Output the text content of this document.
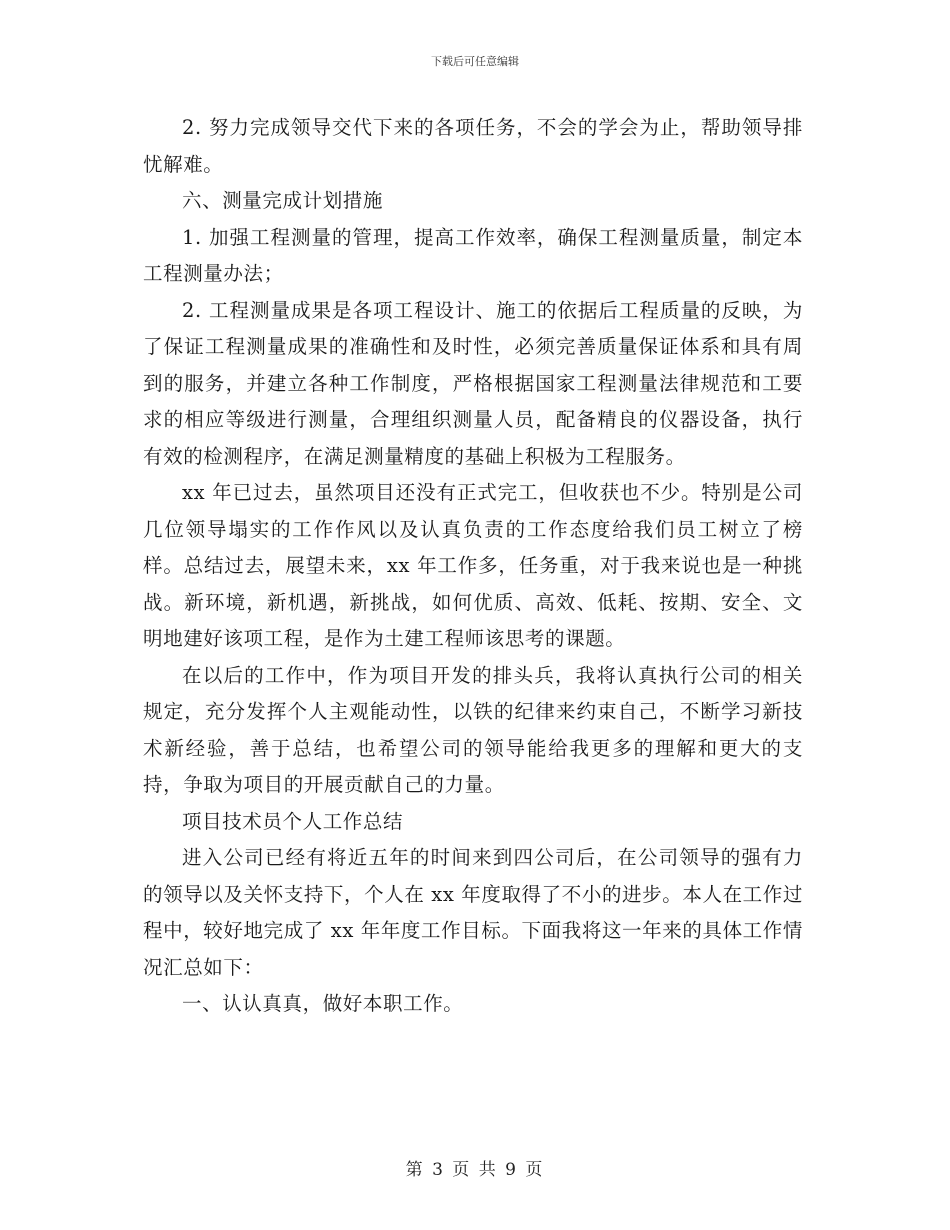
下载后可任意编辑

2. 努力完成领导交代下来的各项任务，不会的学会为止，帮助领导排忧解难。

六、测量完成计划措施

1. 加强工程测量的管理，提高工作效率，确保工程测量质量，制定本工程测量办法；

2. 工程测量成果是各项工程设计、施工的依据后工程质量的反映，为了保证工程测量成果的准确性和及时性，必须完善质量保证体系和具有周到的服务，并建立各种工作制度，严格根据国家工程测量法律规范和工要求的相应等级进行测量，合理组织测量人员，配备精良的仪器设备，执行有效的检测程序，在满足测量精度的基础上积极为工程服务。

xx 年已过去，虽然项目还没有正式完工，但收获也不少。特别是公司几位领导塌实的工作作风以及认真负责的工作态度给我们员工树立了榜样。总结过去，展望未来，xx 年工作多，任务重，对于我来说也是一种挑战。新环境，新机遇，新挑战，如何优质、高效、低耗、按期、安全、文明地建好该项工程，是作为土建工程师该思考的课题。

在以后的工作中，作为项目开发的排头兵，我将认真执行公司的相关规定，充分发挥个人主观能动性，以铁的纪律来约束自己，不断学习新技术新经验，善于总结，也希望公司的领导能给我更多的理解和更大的支持，争取为项目的开展贡献自己的力量。

项目技术员个人工作总结

进入公司已经有将近五年的时间来到四公司后，在公司领导的强有力的领导以及关怀支持下，个人在 xx 年度取得了不小的进步。本人在工作过程中，较好地完成了 xx 年年度工作目标。下面我将这一年来的具体工作情况汇总如下：

一、认认真真，做好本职工作。

第 3 页 共 9 页
